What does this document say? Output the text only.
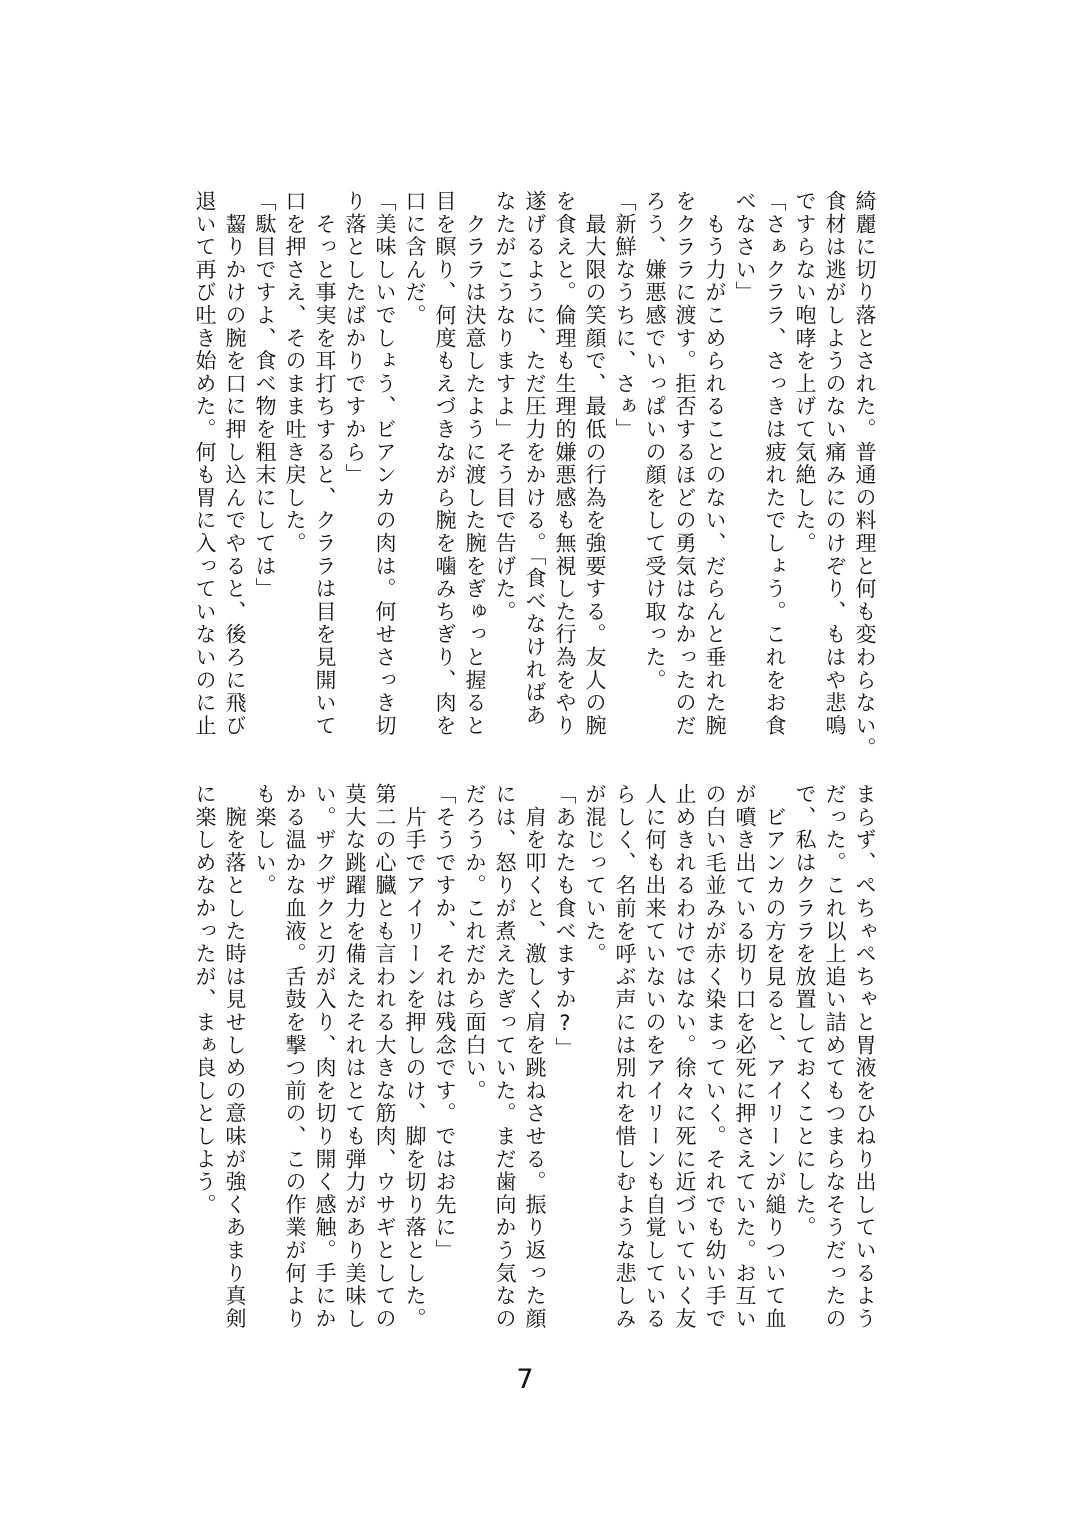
綺麗に切り落とされた。普通の料理と何も変わらない。
食材は逃がしようのない痛みにのけぞり、もはや悲鳴
ですらない咆哮を上げて気絶した。
「さぁクララ、さっきは疲れたでしょう。これをお食
べなさい」
　もう力がこめられることのない、だらんと垂れた腕
をクララに渡す。拒否するほどの勇気はなかったのだ
ろう、嫌悪感でいっぱいの顔をして受け取った。
「新鮮なうちに、さぁ」
　最大限の笑顔で、最低の行為を強要する。友人の腕
を食えと。倫理も生理的嫌悪感も無視した行為をやり
遂げるように、ただ圧力をかける。「食べなければあ
なたがこうなりますよ」そう目で告げた。
　クララは決意したように渡した腕をぎゅっと握ると
目を瞑り、何度もえづきながら腕を噛みちぎり、肉を
口に含んだ。
「美味しいでしょう、ビアンカの肉は。何せさっき切
り落としたばかりですから」
　そっと事実を耳打ちすると、クララは目を見開いて
口を押さえ、そのまま吐き戻した。
「駄目ですよ、食べ物を粗末にしては」
　齧りかけの腕を口に押し込んでやると、後ろに飛び
退いて再び吐き始めた。何も胃に入っていないのに止
まらず、ぺちゃぺちゃと胃液をひねり出しているよう
だった。これ以上追い詰めてもつまらなそうだったの
で、私はクララを放置しておくことにした。
　ビアンカの方を見ると、アイリーンが縋りついて血
が噴き出ている切り口を必死に押さえていた。お互い
の白い毛並みが赤く染まっていく。それでも幼い手で
止めきれるわけではない。徐々に死に近づいていく友
人に何も出来ていないのをアイリーンも自覚している
らしく、名前を呼ぶ声には別れを惜しむような悲しみ
が混じっていた。
「あなたも食べますか?」
　肩を叩くと、激しく肩を跳ねさせる。振り返った顔
には、怒りが煮えたぎっていた。まだ歯向かう気なの
だろうか。これだから面白い。
「そうですか、それは残念です。ではお先に」
　片手でアイリーンを押しのけ、脚を切り落とした。
第二の心臓とも言われる大きな筋肉、ウサギとしての
莫大な跳躍力を備えたそれはとても弾力があり美味し
い。ザクザクと刃が入り、肉を切り開く感触。手にか
かる温かな血液。舌鼓を撃つ前の、この作業が何より
も楽しい。
　腕を落とした時は見せしめの意味が強くあまり真剣
に楽しめなかったが、まぁ良しとしよう。
7
